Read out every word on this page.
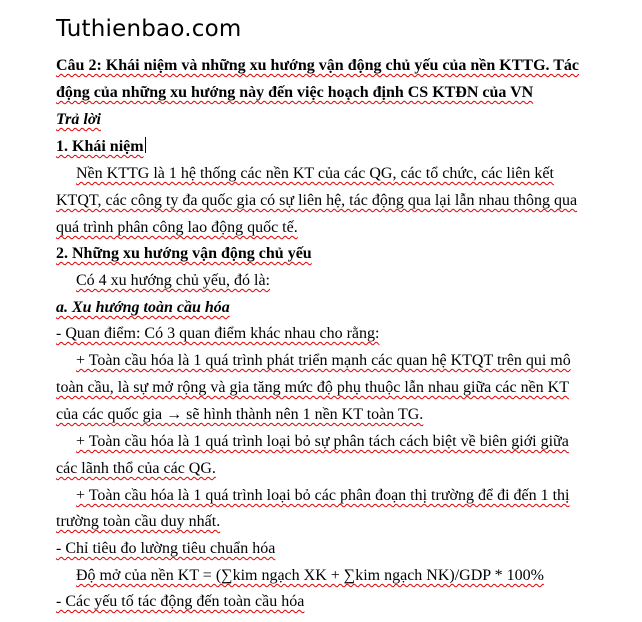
Tuthienbao.com
Câu 2: Khái niệm và những xu hướng vận động chủ yếu của nền KTTG. Tác
động của những xu hướng này đến việc hoạch định CS KTĐN của VN
Trả lời
1. Khái niệm
Nền KTTG là 1 hệ thống các nền KT của các QG, các tổ chức, các liên kết
KTQT, các công ty đa quốc gia có sự liên hệ, tác động qua lại lẫn nhau thông qua
quá trình phân công lao động quốc tế.
2. Những xu hướng vận động chủ yếu
Có 4 xu hướng chủ yếu, đó là:
a. Xu hướng toàn cầu hóa
- Quan điểm: Có 3 quan điểm khác nhau cho rằng:
+ Toàn cầu hóa là 1 quá trình phát triển mạnh các quan hệ KTQT trên qui mô
toàn cầu, là sự mở rộng và gia tăng mức độ phụ thuộc lẫn nhau giữa các nền KT
của các quốc gia → sẽ hình thành nên 1 nền KT toàn TG.
+ Toàn cầu hóa là 1 quá trình loại bỏ sự phân tách cách biệt về biên giới giữa
các lãnh thổ của các QG.
+ Toàn cầu hóa là 1 quá trình loại bỏ các phân đoạn thị trường để đi đến 1 thị
trường toàn cầu duy nhất.
- Chỉ tiêu đo lường tiêu chuẩn hóa
Độ mở của nền KT = (∑kim ngạch XK + ∑kim ngạch NK)/GDP * 100%
- Các yếu tố tác động đến toàn cầu hóa
